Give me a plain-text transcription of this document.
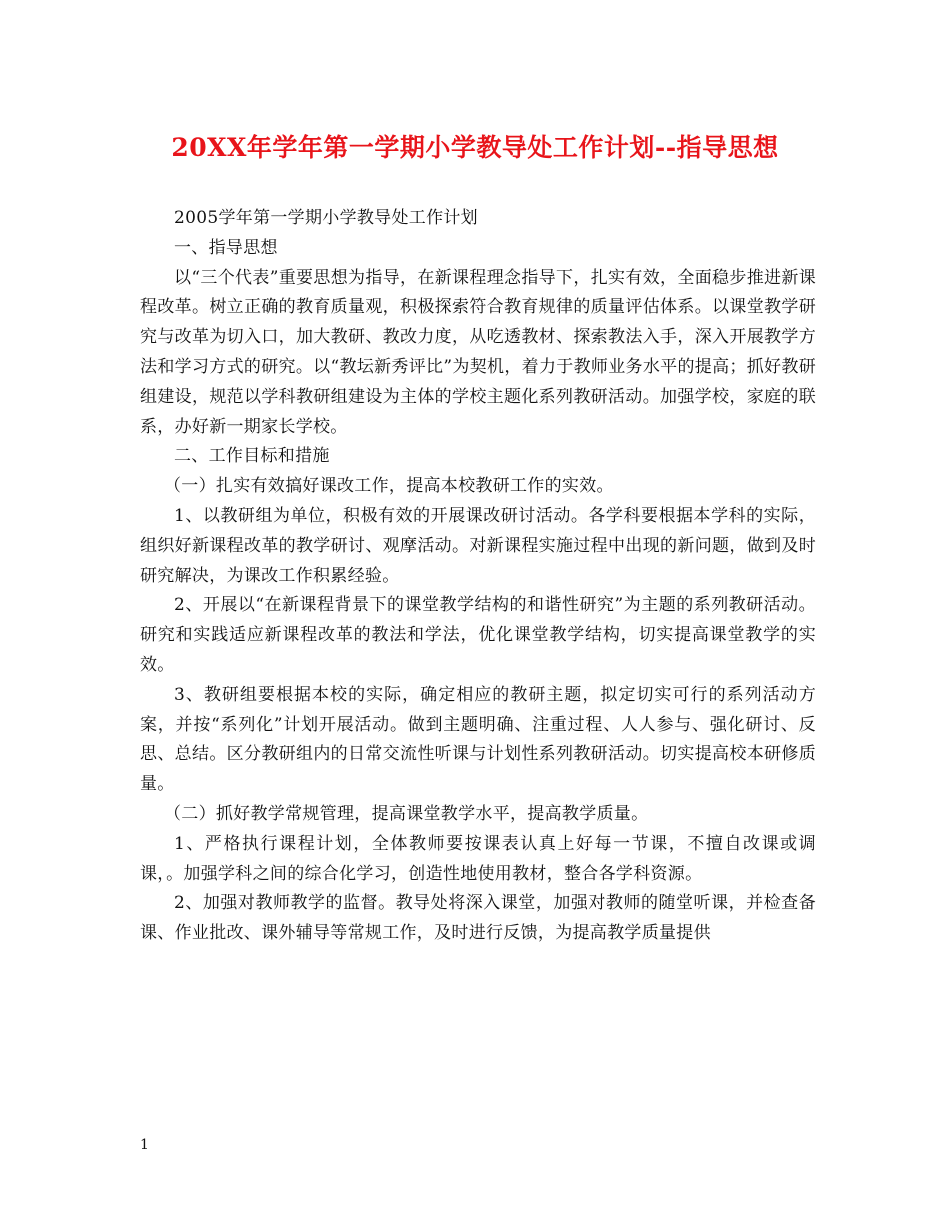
20XX年学年第一学期小学教导处工作计划--指导思想

2005学年第一学期小学教导处工作计划

一、指导思想

以“三个代表”重要思想为指导，在新课程理念指导下，扎实有效，全面稳步推进新课程改革。树立正确的教育质量观，积极探索符合教育规律的质量评估体系。以课堂教学研究与改革为切入口，加大教研、教改力度，从吃透教材、探索教法入手，深入开展教学方法和学习方式的研究。以“教坛新秀评比”为契机，着力于教师业务水平的提高；抓好教研组建设，规范以学科教研组建设为主体的学校主题化系列教研活动。加强学校，家庭的联系，办好新一期家长学校。

二、工作目标和措施

（一）扎实有效搞好课改工作，提高本校教研工作的实效。

1、以教研组为单位，积极有效的开展课改研讨活动。各学科要根据本学科的实际，组织好新课程改革的教学研讨、观摩活动。对新课程实施过程中出现的新问题，做到及时研究解决，为课改工作积累经验。

2、开展以“在新课程背景下的课堂教学结构的和谐性研究”为主题的系列教研活动。研究和实践适应新课程改革的教法和学法，优化课堂教学结构，切实提高课堂教学的实效。

3、教研组要根据本校的实际，确定相应的教研主题，拟定切实可行的系列活动方案，并按“系列化”计划开展活动。做到主题明确、注重过程、人人参与、强化研讨、反思、总结。区分教研组内的日常交流性听课与计划性系列教研活动。切实提高校本研修质量。

（二）抓好教学常规管理，提高课堂教学水平，提高教学质量。

1、严格执行课程计划，全体教师要按课表认真上好每一节课，不擅自改课或调课，。加强学科之间的综合化学习，创造性地使用教材，整合各学科资源。

2、加强对教师教学的监督。教导处将深入课堂，加强对教师的随堂听课，并检查备课、作业批改、课外辅导等常规工作，及时进行反馈，为提高教学质量提供

1
